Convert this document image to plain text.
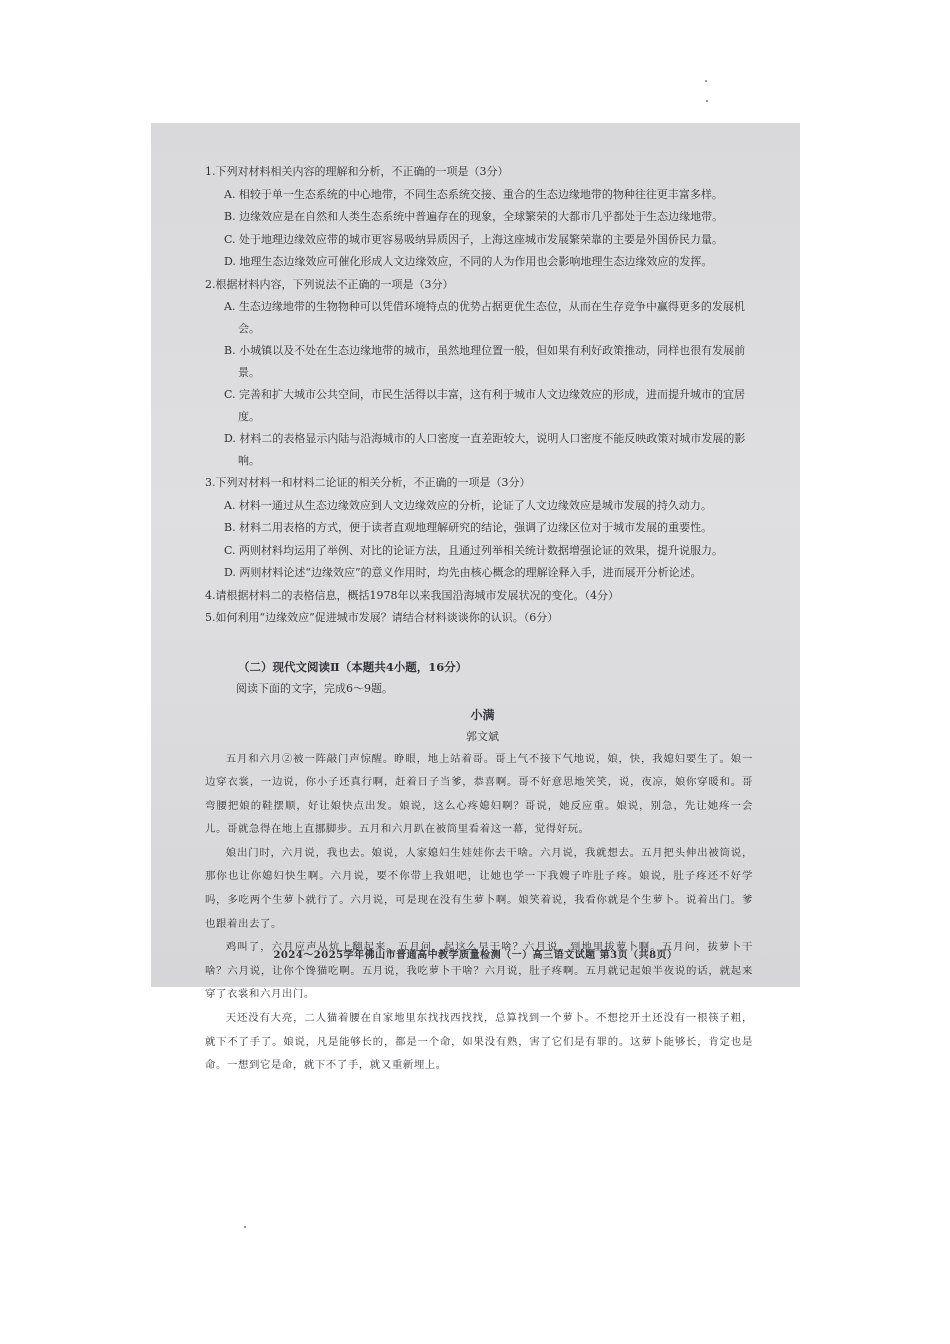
1.下列对材料相关内容的理解和分析，不正确的一项是（3分）

A. 相较于单一生态系统的中心地带，不同生态系统交接、重合的生态边缘地带的物种往往更丰富多样。

B. 边缘效应是在自然和人类生态系统中普遍存在的现象，全球繁荣的大都市几乎都处于生态边缘地带。

C. 处于地理边缘效应带的城市更容易吸纳异质因子，上海这座城市发展繁荣靠的主要是外国侨民力量。

D. 地理生态边缘效应可催化形成人文边缘效应，不同的人为作用也会影响地理生态边缘效应的发挥。

2.根据材料内容，下列说法不正确的一项是（3分）

A. 生态边缘地带的生物物种可以凭借环境特点的优势占据更优生态位，从而在生存竞争中赢得更多的发展机会。

B. 小城镇以及不处在生态边缘地带的城市，虽然地理位置一般，但如果有利好政策推动，同样也很有发展前景。

C. 完善和扩大城市公共空间，市民生活得以丰富，这有利于城市人文边缘效应的形成，进而提升城市的宜居度。

D. 材料二的表格显示内陆与沿海城市的人口密度一直差距较大，说明人口密度不能反映政策对城市发展的影响。

3.下列对材料一和材料二论证的相关分析，不正确的一项是（3分）

A. 材料一通过从生态边缘效应到人文边缘效应的分析，论证了人文边缘效应是城市发展的持久动力。

B. 材料二用表格的方式，便于读者直观地理解研究的结论，强调了边缘区位对于城市发展的重要性。

C. 两则材料均运用了举例、对比的论证方法，且通过列举相关统计数据增强论证的效果，提升说服力。

D. 两则材料论述“边缘效应”的意义作用时，均先由核心概念的理解诠释入手，进而展开分析论述。

4.请根据材料二的表格信息，概括1978年以来我国沿海城市发展状况的变化。（4分）

5.如何利用“边缘效应”促进城市发展？请结合材料谈谈你的认识。（6分）

（二）现代文阅读Ⅱ（本题共4小题，16分）

阅读下面的文字，完成6～9题。

小满

郭文斌

五月和六月②被一阵敲门声惊醒。睁眼，地上站着哥。哥上气不接下气地说，娘，快，我媳妇要生了。娘一边穿衣裳，一边说，你小子还真行啊，赶着日子当爹，恭喜啊。哥不好意思地笑笑，说，夜凉，娘你穿暖和。哥弯腰把娘的鞋摆顺，好让娘快点出发。娘说，这么心疼媳妇啊？哥说，她反应重。娘说，别急，先让她疼一会儿。哥就急得在地上直挪脚步。五月和六月趴在被筒里看着这一幕，觉得好玩。

娘出门时，六月说，我也去。娘说，人家媳妇生娃娃你去干啥。六月说，我就想去。五月把头伸出被筒说，那你也让你媳妇快生啊。六月说，要不你带上我姐吧，让她也学一下我嫂子咋肚子疼。娘说，肚子疼还不好学吗，多吃两个生萝卜就行了。六月说，可是现在没有生萝卜啊。娘笑着说，我看你就是个生萝卜。说着出门。爹也跟着出去了。

鸡叫了，六月应声从炕上翻起来。五月问，起这么早干啥？六月说，到地里拔萝卜啊。五月问，拔萝卜干啥？六月说，让你个馋猫吃啊。五月说，我吃萝卜干啥？六月说，肚子疼啊。五月就记起娘半夜说的话，就起来穿了衣裳和六月出门。

天还没有大亮，二人猫着腰在自家地里东找找西找找，总算找到一个萝卜。不想挖开土还没有一根筷子粗，就下不了手了。娘说，凡是能够长的，都是一个命，如果没有熟，害了它们是有罪的。这萝卜能够长，肯定也是命。一想到它是命，就下不了手，就又重新埋上。

2024～2025学年佛山市普通高中教学质量检测（一）高三语文试题 第3页（共8页）
